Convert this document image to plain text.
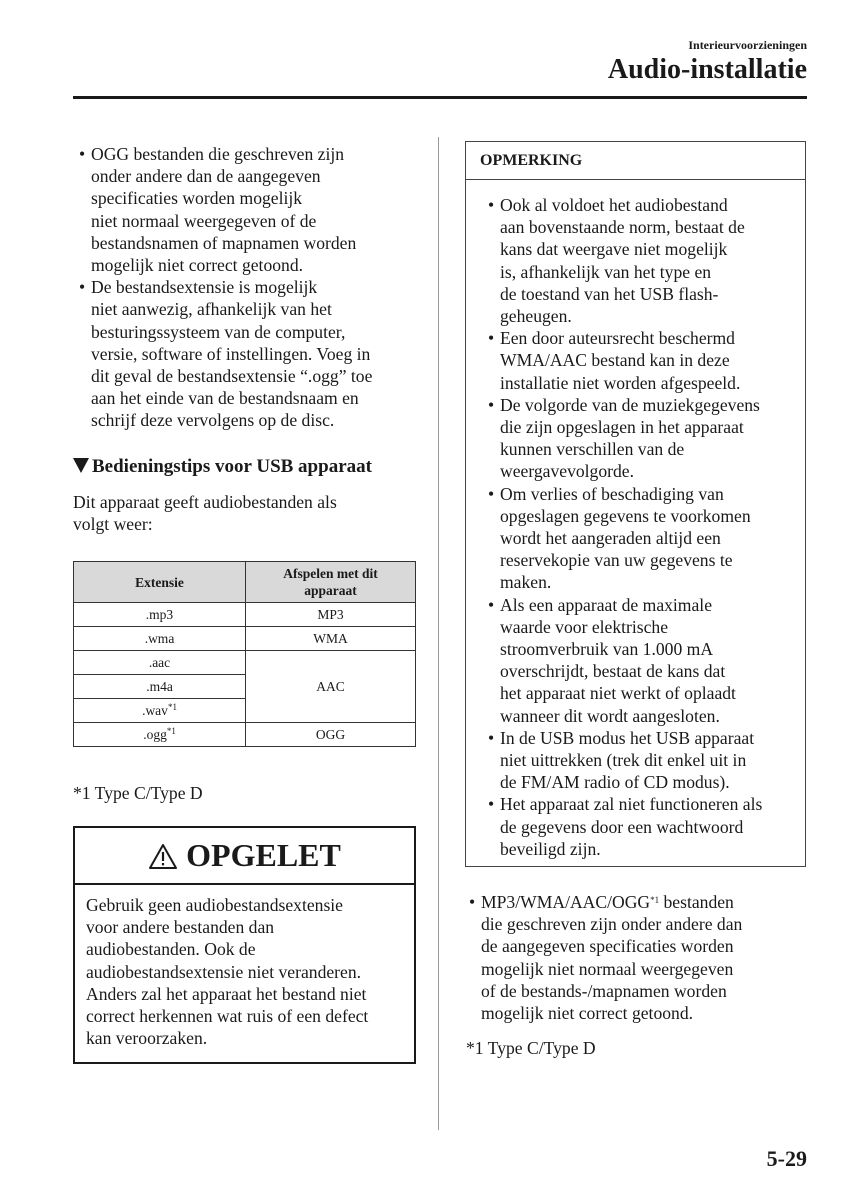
Interieurvoorzieningen
Audio-installatie
• OGG bestanden die geschreven zijn
onder andere dan de aangegeven
specificaties worden mogelijk
niet normaal weergegeven of de
bestandsnamen of mapnamen worden
mogelijk niet correct getoond.
• De bestandsextensie is mogelijk
niet aanwezig, afhankelijk van het
besturingssysteem van de computer,
versie, software of instellingen. Voeg in
dit geval de bestandsextensie “.ogg” toe
aan het einde van de bestandsnaam en
schrijf deze vervolgens op de disc.
Bedieningstips voor USB apparaat
Dit apparaat geeft audiobestanden als
volgt weer:
Extensie	Afspelen met dit
apparaat

.mp3	MP3
.wma	WMA
.aac	AAC
.m4a	
.wav$^{*1}$
.ogg$^{*1}$	OGG
*1 Type C/Type D
OPGELET
Gebruik geen audiobestandsextensie
voor andere bestanden dan
audiobestanden. Ook de
audiobestandsextensie niet veranderen.
Anders zal het apparaat het bestand niet
correct herkennen wat ruis of een defect
kan veroorzaken.
OPMERKING
• Ook al voldoet het audiobestand
aan bovenstaande norm, bestaat de
kans dat weergave niet mogelijk
is, afhankelijk van het type en
de toestand van het USB flash-
geheugen.
• Een door auteursrecht beschermd
WMA/AAC bestand kan in deze
installatie niet worden afgespeeld.
• De volgorde van de muziekgegevens
die zijn opgeslagen in het apparaat
kunnen verschillen van de
weergavevolgorde.
• Om verlies of beschadiging van
opgeslagen gegevens te voorkomen
wordt het aangeraden altijd een
reservekopie van uw gegevens te
maken.
• Als een apparaat de maximale
waarde voor elektrische
stroomverbruik van 1.000 mA
overschrijdt, bestaat de kans dat
het apparaat niet werkt of oplaadt
wanneer dit wordt aangesloten.
• In de USB modus het USB apparaat
niet uittrekken (trek dit enkel uit in
de FM/AM radio of CD modus).
• Het apparaat zal niet functioneren als
de gegevens door een wachtwoord
beveiligd zijn.
• MP3/WMA/AAC/OGG$^{*1}$ bestanden
die geschreven zijn onder andere dan
de aangegeven specificaties worden
mogelijk niet normaal weergegeven
of de bestands-/mapnamen worden
mogelijk niet correct getoond.
*1 Type C/Type D
5-29
